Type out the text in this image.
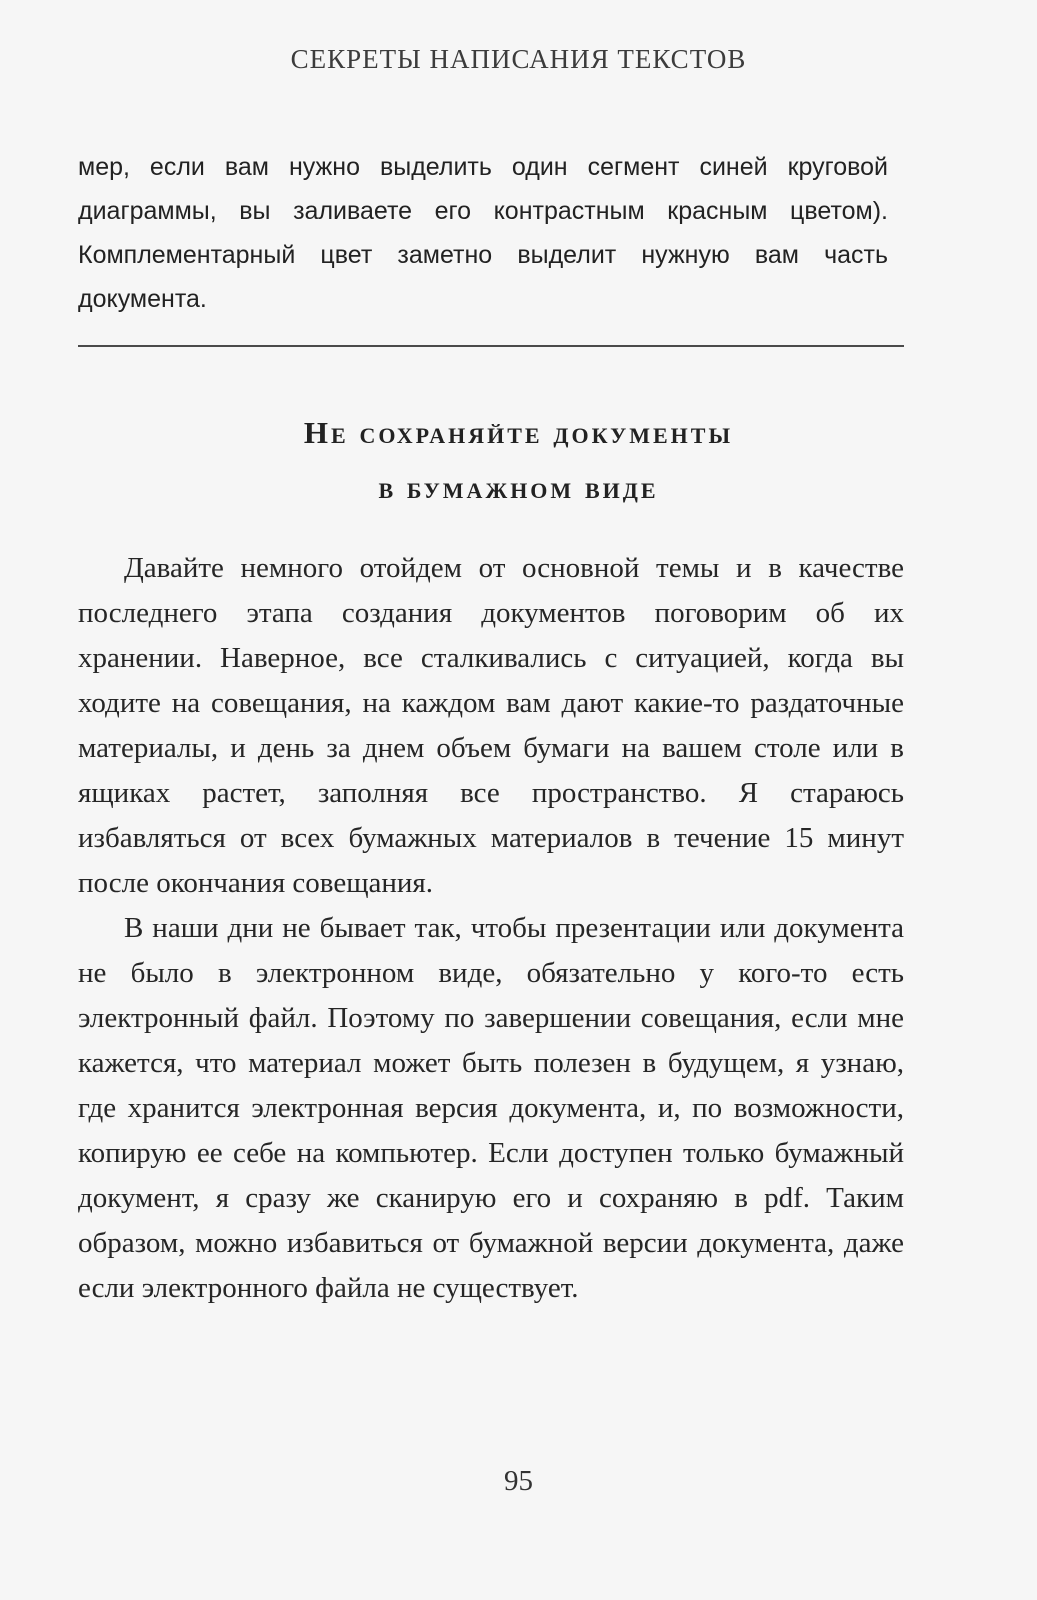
СЕКРЕТЫ НАПИСАНИЯ ТЕКСТОВ
мер, если вам нужно выделить один сегмент синей круговой диаграммы, вы заливаете его контрастным красным цветом). Комплементарный цвет заметно выделит нужную вам часть документа.
Не сохраняйте документы
в бумажном виде

Давайте немного отойдем от основной темы и в качестве последнего этапа создания документов поговорим об их хранении. Наверное, все сталкивались с ситуацией, когда вы ходите на совещания, на каждом вам дают какие-то раздаточные материалы, и день за днем объем бумаги на вашем столе или в ящиках растет, заполняя все пространство. Я стараюсь избавляться от всех бумажных материалов в течение 15 минут после окончания совещания.

В наши дни не бывает так, чтобы презентации или документа не было в электронном виде, обязательно у кого-то есть электронный файл. Поэтому по завершении совещания, если мне кажется, что материал может быть полезен в будущем, я узнаю, где хранится электронная версия документа, и, по возможности, копирую ее себе на компьютер. Если доступен только бумажный документ, я сразу же сканирую его и сохраняю в pdf. Таким образом, можно избавиться от бумажной версии документа, даже если электронного файла не существует.

95
